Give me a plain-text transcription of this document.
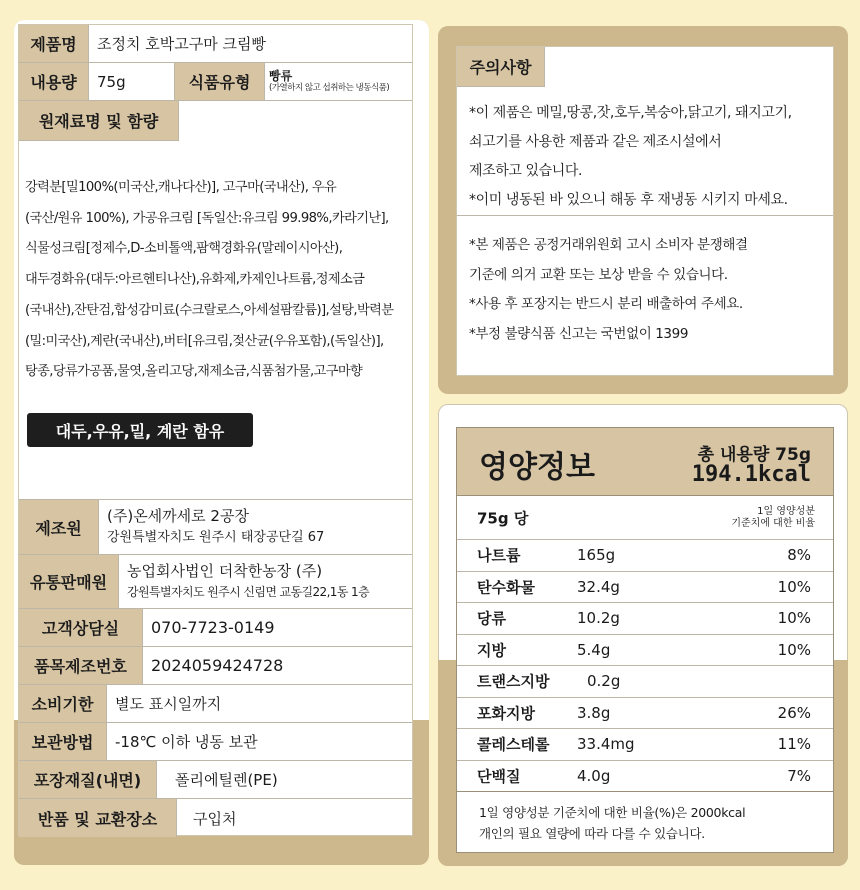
제품명	조정치 호박고구마 크림빵
내용량	75g	식품유형	빵류
(가열하지 않고 섭취하는 냉동식품)
원재료명 및 함량
강력분[밀100%(미국산,캐나다산)], 고구마(국내산), 우유
(국산/원유 100%), 가공유크림 [독일산:유크림 99.98%,카라기난],
식물성크림[정제수,D-소비톨액,팜핵경화유(말레이시아산),
대두경화유(대두:아르헨티나산),유화제,카제인나트륨,정제소금
(국내산),잔탄검,합성감미료(수크랄로스,아세설팜칼륨)],설탕,박력분
(밀:미국산),계란(국내산),버터[유크림,젖산균(우유포함),(독일산)],
탕종,당류가공품,물엿,올리고당,재제소금,식품첨가물,고구마향
대두,우유,밀, 계란 함유
제조원
(주)온세까세로 2공장
강원특별자치도 원주시 태장공단길 67
유통판매원
농업회사법인 더착한농장 (주)
강원특별자치도 원주시 신림면 교동길22,1동 1층
고객상담실	070-7723-0149
품목제조번호	2024059424728
소비기한	별도 표시일까지
보관방법	-18℃ 이하 냉동 보관
포장재질(내면)	폴리에틸렌(PE)
반품 및 교환장소	구입처
주의사항
*이 제품은 메밀,땅콩,잣,호두,복숭아,닭고기, 돼지고기,
쇠고기를 사용한 제품과 같은 제조시설에서
제조하고 있습니다.
*이미 냉동된 바 있으니 해동 후 재냉동 시키지 마세요.
*본 제품은 공정거래위원회 고시 소비자 분쟁해결
기준에 의거 교환 또는 보상 받을 수 있습니다.
*사용 후 포장지는 반드시 분리 배출하여 주세요.
*부정 불량식품 신고는 국번없이 1399
영양정보	총 내용량 75g
194.1kcal
75g 당	1일 영양성분
기준치에 대한 비율
나트륨	165g	8%
탄수화물	32.4g	10%
당류	10.2g	10%
지방	5.4g	10%
트랜스지방	0.2g
포화지방	3.8g	26%
콜레스테롤 33.4mg	11%
단백질	4.0g	7%
1일 영양성분 기준치에 대한 비율(%)은 2000kcal
개인의 필요 열량에 따라 다를 수 있습니다.
